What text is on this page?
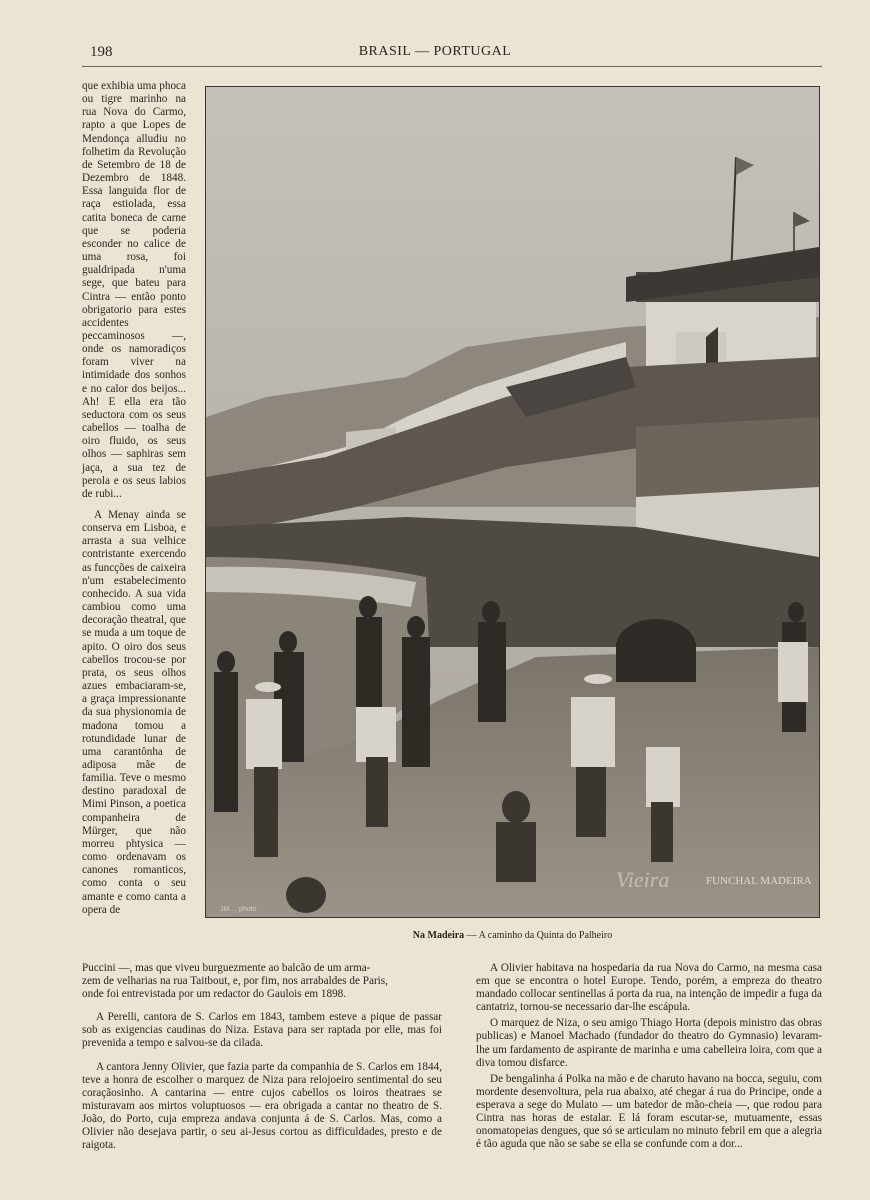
198	BRASIL — PORTUGAL

que exhibia uma phoca ou tigre marinho na rua Nova do Carmo, rapto a que Lopes de Mendonça alludiu no folhetim da Revolução de Setembro de 18 de Dezembro de 1848. Essa languida flor de raça estiolada, essa catita boneca de carne que se poderia esconder no calice de uma rosa, foi gualdripada n'uma sege, que bateu para Cintra — então ponto obrigatorio para estes accidentes peccaminosos —, onde os namoradiços foram viver na intimidade dos sonhos e no calor dos beijos... Ah! E ella era tão seductora com os seus cabellos — toalha de oiro fluido, os seus olhos — saphiras sem jaça, a sua tez de perola e os seus labios de rubi...

A Menay ainda se conserva em Lisboa, e arrasta a sua velhice contristante exercendo as funcções de caixeira n'um estabelecimento conhecido. A sua vida cambiou como uma decoração theatral, que se muda a um toque de apito. O oiro dos seus cabellos trocou-se por prata, os seus olhos azues embaciaram-se, a graça impressionante da sua physionomia de madona tomou a rotundidade lunar de uma carantônha de adiposa mãe de familia. Teve o mesmo destino paradoxal de Mimi Pinson, a poetica companheira de Mürger, que não morreu phtysica — como ordenavam os canones romanticos, como conta o seu amante e como canta a opera de

Vieira	FUNCHAL MADEIRA
JM ... photo
Na Madeira — A caminho da Quinta do Palheiro

Puccini —, mas que viveu burguezmente ao balcão de um arma-
zem de velharias na rua Taitbout, e, por fim, nos arrabaldes de Paris,
onde foi entrevistada por um redactor do Gaulois em 1898.

A Perelli, cantora de S. Carlos em 1843, tambem esteve a pique de passar sob as exigencias caudinas do Niza. Estava para ser raptada por elle, mas foi prevenida a tempo e salvou-se da cilada.

A cantora Jenny Olivier, que fazia parte da companhia de S. Carlos em 1844, teve a honra de escolher o marquez de Niza para relojoeiro sentimental do seu coraçãosinho. A cantarina — entre cujos cabellos os loiros theatraes se misturavam aos mirtos voluptuosos — era obrigada a cantar no theatro de S. João, do Porto, cuja empreza andava conjunta á de S. Carlos. Mas, como a Olivier não desejava partir, o seu ai-Jesus cortou as difficuldades, presto e de raigota.

A Olivier habitava na hospedaria da rua Nova do Carmo, na mesma casa em que se encontra o hotel Europe. Tendo, porém, a empreza do theatro mandado collocar sentinellas á porta da rua, na intenção de impedir a fuga da cantatriz, tornou-se necessario dar-lhe escápula.

O marquez de Niza, o seu amigo Thiago Horta (depois ministro das obras publicas) e Manoel Machado (fundador do theatro do Gymnasio) levaram-lhe um fardamento de aspirante de marinha e uma cabelleira loira, com que a diva tomou disfarce.

De bengalinha á Polka na mão e de charuto havano na bocca, seguiu, com mordente desenvoltura, pela rua abaixo, até chegar á rua do Principe, onde a esperava a sege do Mulato — um batedor de mão-cheia —, que rodou para Cintra nas horas de estalar. E lá foram escutar-se, mutuamente, essas onomatopeias dengues, que só se articulam no minuto febril em que a alegria é tão aguda que não se sabe se ella se confunde com a dor...
